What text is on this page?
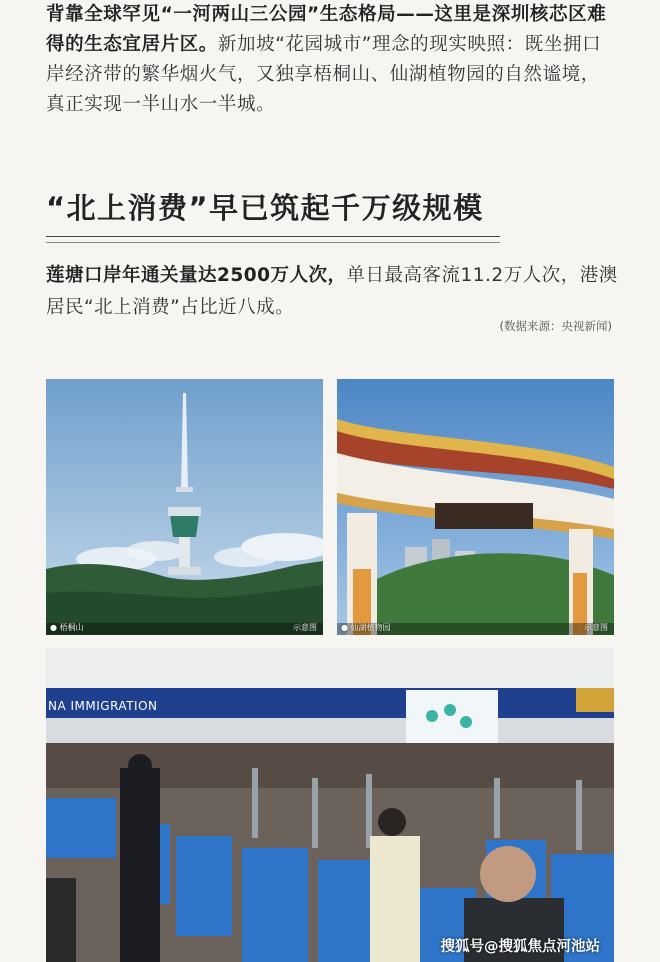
背靠全球罕见“一河两山三公园”生态格局——这里是深圳核芯区难得的生态宜居片区。新加坡“花园城市”理念的现实映照：既坐拥口岸经济带的繁华烟火气，又独享梧桐山、仙湖植物园的自然谧境，真正实现一半山水一半城。
“北上消费”早已筑起千万级规模
莲塘口岸年通关量达2500万人次，单日最高客流11.2万人次，港澳居民“北上消费”占比近八成。
(数据来源：央视新闻)
● 梧桐山	示意图	● 仙湖植物园	示意图
NA IMMIGRATION
搜狐号@搜狐焦点河池站
